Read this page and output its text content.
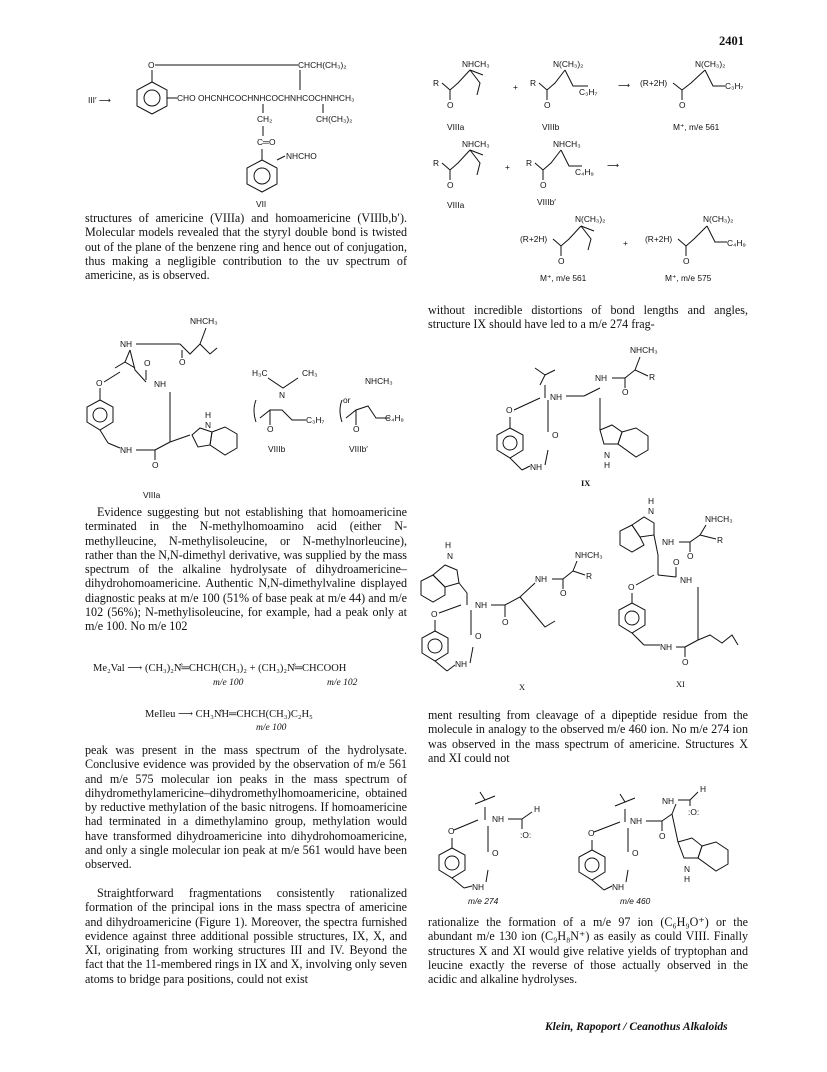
2401
III′ ⟶
O	CHCH(CH₃)₂
CHO OHCNHCOCHNHCOCHNHCOCHNHCH₃
CH₂	CH(CH₃)₂
C═O
NHCHO
VII
NHCH₃
R
O
+
N(CH₃)₂
R
C₃H₇
O
⟶
N(CH₃)₂
(R+2H)	C₃H₇
O
VIIIa	VIIIb	M⁺, m/e 561
NHCH₃
R
O
+
NHCH₃
R
C₄H₉
O
⟶
VIIIa	VIIIb′
N(CH₃)₂
(R+2H)
O
+
N(CH₃)₂
(R+2H)	C₄H₉
O
M⁺, m/e 561	M⁺, m/e 575

structures of americine (VIIIa) and homoamericine (VIIIb,b′). Molecular models revealed that the styryl double bond is twisted out of the plane of the benzene ring and hence out of conjugation, thus making a negligible contribution to the uv spectrum of americine, as is observed.

NHCH₃
NH
O
O
NH
O
NH
O
H
N
VIIIa
H₃C	CH₃
N
C₃H₇
O
or
VIIIb
NHCH₃
C₄H₉
O
VIIIb′

Evidence suggesting but not establishing that homoamericine terminated in the N-methylhomoamino acid (either N-methylleucine, N-methylisoleucine, or N-methylnorleucine), rather than the N,N-dimethyl derivative, was supplied by the mass spectrum of the alkaline hydrolysate of dihydroamericine–dihydrohomoamericine. Authentic N,N-dimethylvaline displayed diagnostic peaks at m/e 100 (51% of base peak at m/e 44) and m/e 102 (56%); N-methylisoleucine, for example, had a peak only at m/e 100. No m/e 102

Me₂Val ⟶ (CH₃)₂N̊═CHCH(CH₃)₂ + (CH₃)₂N̊═CHCOOH
m/e 100	m/e 102
MeIleu ⟶ CH₃N̊H═CHCH(CH₃)C₂H₅
m/e 100

peak was present in the mass spectrum of the hydrolysate. Conclusive evidence was provided by the observation of m/e 561 and m/e 575 molecular ion peaks in the mass spectrum of dihydromethylamericine–dihydromethylhomoamericine, obtained by reductive methylation of the basic nitrogens. If homoamericine had terminated in a dimethylamino group, methylation would have transformed dihydroamericine into dihydrohomoamericine, and only a single molecular ion peak at m/e 561 would have been observed.

Straightforward fragmentations consistently rationalized formation of the principal ions in the mass spectra of americine and dihydroamericine (Figure 1). Moreover, the spectra furnished evidence against three additional possible structures, IX, X, and XI, originating from working structures III and IV. Beyond the fact that the 11-membered rings in IX and X, involving only seven atoms to bridge para positions, could not exist

without incredible distortions of bond lengths and angles, structure IX should have led to a m/e 274 frag-

NHCH₃
NH	R
O
NH
O
O
NH
N
H
IX
H
N	NHCH₃
NH	R
O
NH
O
O
O
NH
X
H
N
NHCH₃
NH	R
O
O
NH
O
NH
O
XI

ment resulting from cleavage of a dipeptide residue from the molecule in analogy to the observed m/e 460 ion. No m/e 274 ion was observed in the mass spectrum of americine. Structures X and XI could not

NH
H
:O:
O
O
NH
m/e 274
NH
O
NH
H
:O:
N
H
O
O
NH
m/e 460

rationalize the formation of a m/e 97 ion (C₆H₉O⁺) or the abundant m/e 130 ion (C₉H₈N⁺) as easily as could VIII. Finally structures X and XI would give relative yields of tryptophan and leucine exactly the reverse of those actually observed in the acidic and alkaline hydrolyses.

Klein, Rapoport / Ceanothus Alkaloids
